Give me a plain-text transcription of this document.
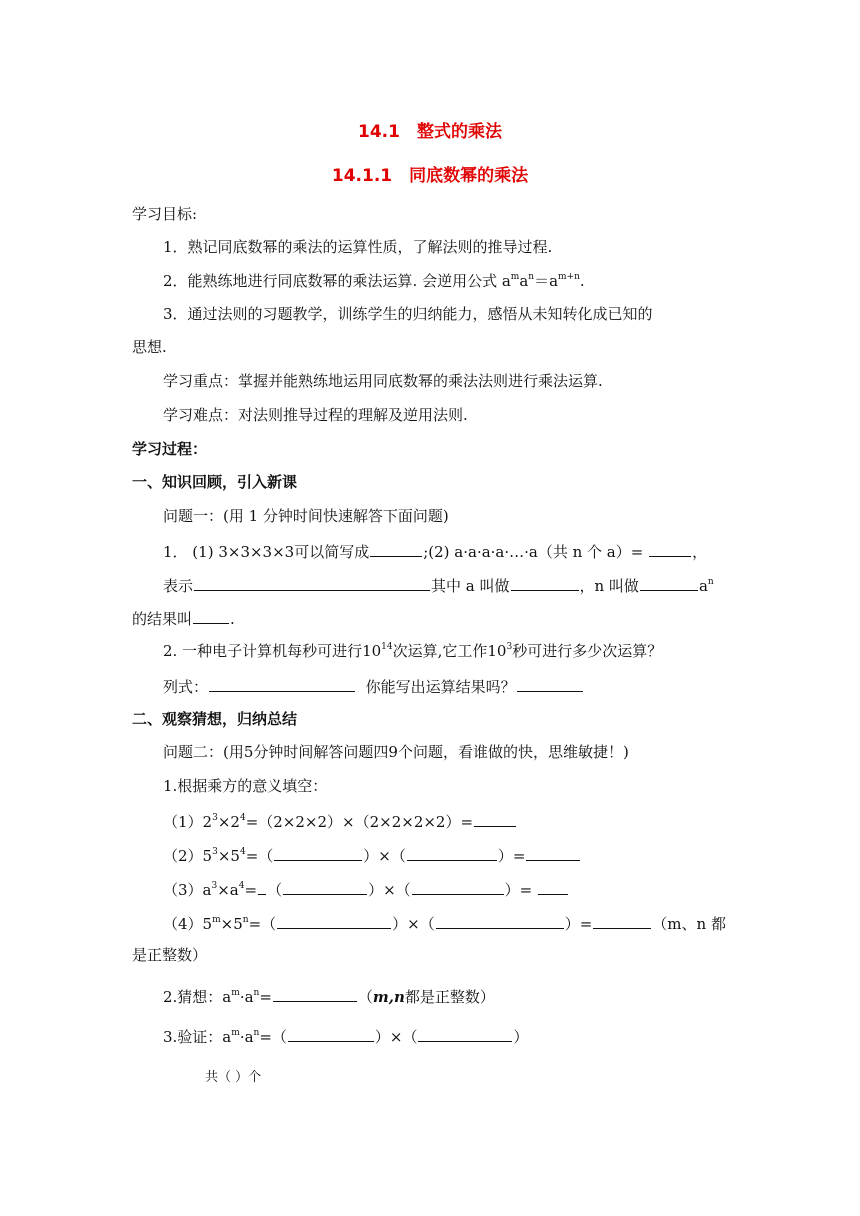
14.1　整式的乘法
14.1.1　同底数幂的乘法
学习目标:
1．熟记同底数幂的乘法的运算性质，了解法则的推导过程.
2．能熟练地进行同底数幂的乘法运算. 会逆用公式 $a^ma^n=a^{m+n}$.
3．通过法则的习题教学，训练学生的归纳能力，感悟从未知转化成已知的
思想.
学习重点：掌握并能熟练地运用同底数幂的乘法法则进行乘法运算.
学习难点：对法则推导过程的理解及逆用法则.
学习过程：
一、知识回顾，引入新课
问题一：(用 1 分钟时间快速解答下面问题)
1． (1) 3×3×3×3可以简写成	;(2) a·a·a·a·…·a（共 n 个 a）=	，
表示	其中 a 叫做	，n 叫做	$a^n$
的结果叫	.
2. 一种电子计算机每秒可进行$10^{14}$次运算,它工作$10^3$秒可进行多少次运算？
列式：	你能写出运算结果吗？
二、观察猜想，归纳总结
问题二：(用5分钟时间解答问题四9个问题，看谁做的快，思维敏捷！)
1.根据乘方的意义填空：
$(1)2^3\times 2^4=(2\times 2\times 2)\times(2\times 2\times 2\times 2)=$
$(2)5^3\times 5^4=$（	）×（	）=
$(3)a^3\times a^4=$ （	）×（	）=
$(4)5^m\times 5^n=$（	）×（	）=	（m、n 都
是正整数）
2.猜想：$a^m\cdot a^n=$	（m,n都是正整数）
3.验证：$a^m\cdot a^n=$（	）×（	）
共（ ）个
